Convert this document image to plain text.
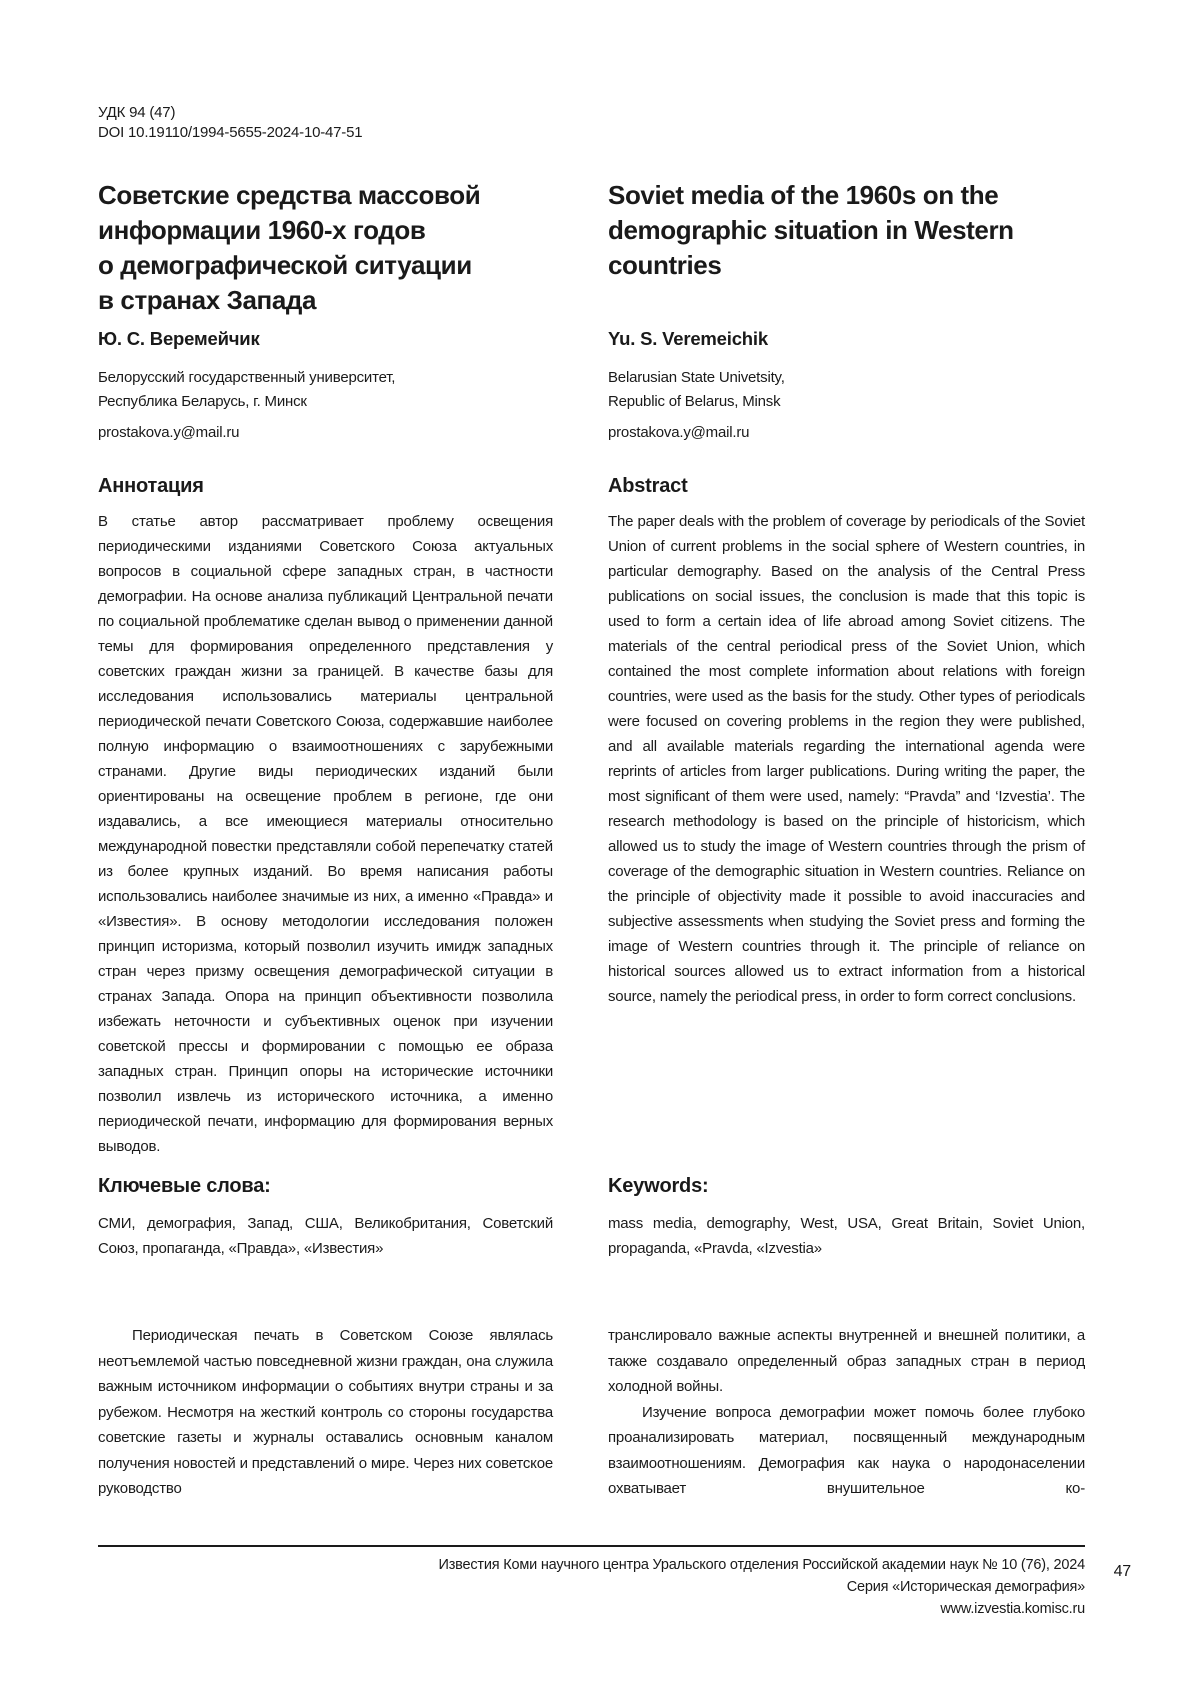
УДК 94 (47)
DOI 10.19110/1994-5655-2024-10-47-51
Советские средства массовой
информации 1960-х годов
о демографической ситуации
в странах Запада
Soviet media of the 1960s on the
demographic situation in Western
countries
Ю. С. Веремейчик	Yu. S. Veremeichik
Белорусский государственный университет,
Республика Беларусь, г. Минск
prostakova.y@mail.ru
Belarusian State Univetsity,
Republic of Belarus, Minsk
prostakova.y@mail.ru
Аннотация	Abstract
В статье автор рассматривает проблему освещения периодическими изданиями Советского Союза актуальных вопросов в социальной сфере западных стран, в частности демографии. На основе анализа публикаций Центральной печати по социальной проблематике сделан вывод о применении данной темы для формирования определенного представления у советских граждан жизни за границей. В качестве базы для исследования использовались материалы центральной периодической печати Советского Союза, содержавшие наиболее полную информацию о взаимоотношениях с зарубежными странами. Другие виды периодических изданий были ориентированы на освещение проблем в регионе, где они издавались, а все имеющиеся материалы относительно международной повестки представляли собой перепечатку статей из более крупных изданий. Во время написания работы использовались наиболее значимые из них, а именно «Правда» и «Известия». В основу методологии исследования положен принцип историзма, который позволил изучить имидж западных стран через призму освещения демографической ситуации в странах Запада. Опора на принцип объективности позволила избежать неточности и субъективных оценок при изучении советской прессы и формировании с помощью ее образа западных стран. Принцип опоры на исторические источники позволил извлечь из исторического источника, а именно периодической печати, информацию для формирования верных выводов.
The paper deals with the problem of coverage by periodicals of the Soviet Union of current problems in the social sphere of Western countries, in particular demography. Based on the analysis of the Central Press publications on social issues, the conclusion is made that this topic is used to form a certain idea of life abroad among Soviet citizens. The materials of the central periodical press of the Soviet Union, which contained the most complete information about relations with foreign countries, were used as the basis for the study. Other types of periodicals were focused on covering problems in the region they were published, and all available materials regarding the international agenda were reprints of articles from larger publications. During writing the paper, the most significant of them were used, namely: “Pravda” and ‘Izvestia’. The research methodology is based on the principle of historicism, which allowed us to study the image of Western countries through the prism of coverage of the demographic situation in Western countries. Reliance on the principle of objectivity made it possible to avoid inaccuracies and subjective assessments when studying the Soviet press and forming the image of Western countries through it. The principle of reliance on historical sources allowed us to extract information from a historical source, namely the periodical press, in order to form correct conclusions.
Ключевые слова:	Keywords:
СМИ, демография, Запад, США, Великобритания, Советский Союз, пропаганда, «Правда», «Известия»
mass media, demography, West, USA, Great Britain, Soviet Union, propaganda, «Pravda, «Izvestia»

Периодическая печать в Советском Союзе являлась неотъемлемой частью повседневной жизни граждан, она служила важным источником информации о событиях внутри страны и за рубежом. Несмотря на жесткий контроль со стороны государства советские газеты и журналы оставались основным каналом получения новостей и представлений о мире. Через них советское руководство

транслировало важные аспекты внутренней и внешней политики, а также создавало определенный образ западных стран в период холодной войны.

Изучение вопроса демографии может помочь более глубоко проанализировать материал, посвященный международным взаимоотношениям. Демография как наука о народонаселении охватывает внушительное ко-

Известия Коми научного центра Уральского отделения Российской академии наук № 10 (76), 2024
Серия «Историческая демография»
www.izvestia.komisc.ru
47
